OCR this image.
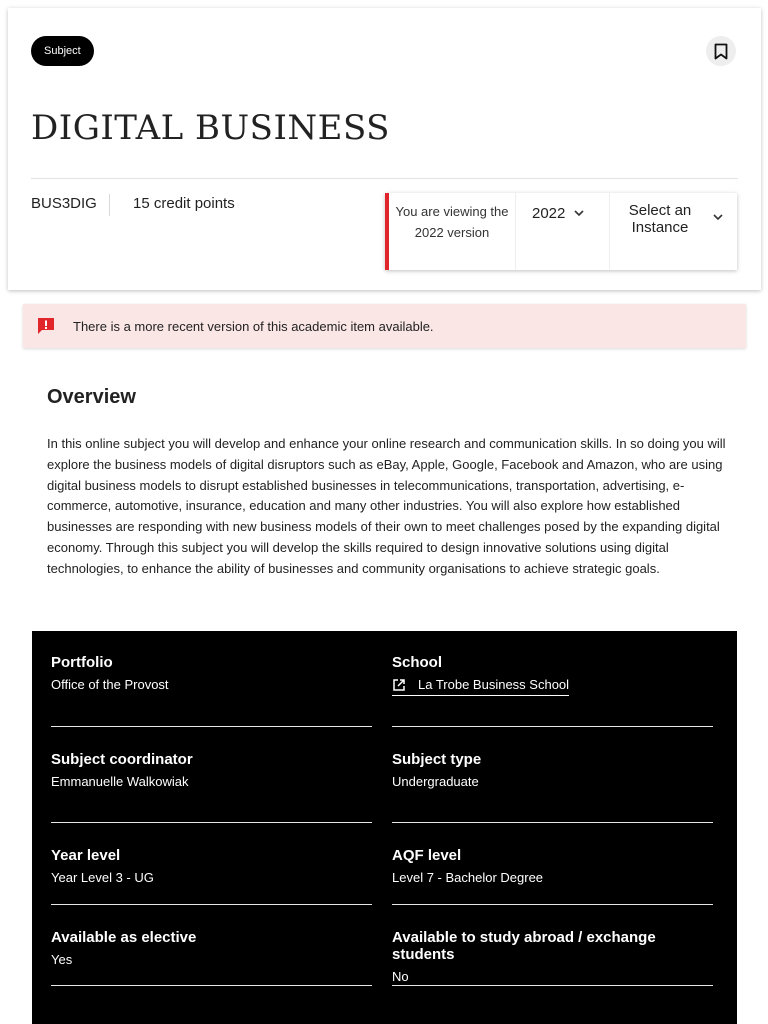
Subject
DIGITAL BUSINESS
BUS3DIG 15 credit points	You are viewing the 2022 version
2022	Select an Instance
There is a more recent version of this academic item available.
Overview

In this online subject you will develop and enhance your online research and communication skills. In so doing you will explore the business models of digital disruptors such as eBay, Apple, Google, Facebook and Amazon, who are using digital business models to disrupt established businesses in telecommunications, transportation, advertising, e-commerce, automotive, insurance, education and many other industries. You will also explore how established businesses are responding with new business models of their own to meet challenges posed by the expanding digital economy. Through this subject you will develop the skills required to design innovative solutions using digital technologies, to enhance the ability of businesses and community organisations to achieve strategic goals.

Portfolio
Office of the Provost
School
La Trobe Business School
Subject coordinator
Emmanuelle Walkowiak
Subject type
Undergraduate
Year level
Year Level 3 - UG
AQF level
Level 7 - Bachelor Degree
Available as elective
Yes
Available to study abroad / exchange students
No
